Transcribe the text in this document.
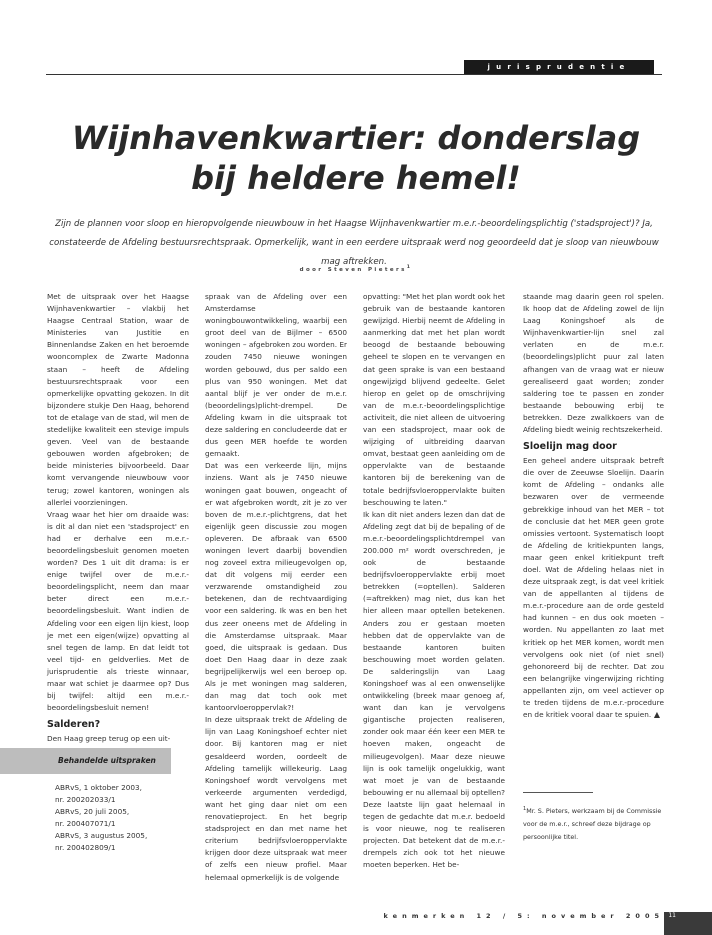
jurisprudentie
Wijnhavenkwartier: donderslag
bij heldere hemel!

Zijn de plannen voor sloop en hieropvolgende nieuwbouw in het Haagse Wijnhavenkwartier m.e.r.-beoordelingsplichtig ('stadsproject')? Ja, constateerde de Afdeling bestuursrechtspraak. Opmerkelijk, want in een eerdere uitspraak werd nog geoordeeld dat je sloop van nieuwbouw mag aftrekken.

door Steven Pieters$^1$

Met de uitspraak over het Haagse Wijnhavenkwartier – vlakbij het Haagse Centraal Station, waar de Ministeries van Justitie en Binnenlandse Zaken en het beroemde wooncomplex de Zwarte Madonna staan – heeft de Afdeling bestuursrechtspraak voor een opmerkelijke opvatting gekozen. In dit bijzondere stukje Den Haag, behorend tot de etalage van de stad, wil men de stedelijke kwaliteit een stevige impuls geven. Veel van de bestaande gebouwen worden afgebroken; de beide ministeries bijvoorbeeld. Daar komt vervangende nieuwbouw voor terug; zowel kantoren, woningen als allerlei voorzieningen.

Vraag waar het hier om draaide was: is dit al dan niet een 'stadsproject' en had er derhalve een m.e.r.-beoordelingsbesluit genomen moeten worden? Des 1 uit dit drama: is er enige twijfel over de m.e.r.-beoordelingsplicht, neem dan maar beter direct een m.e.r.-beoordelingsbesluit. Want indien de Afdeling voor een eigen lijn kiest, loop je met een eigen(wijze) opvatting al snel tegen de lamp. En dat leidt tot veel tijd- en geldverlies. Met de jurisprudentie als trieste winnaar, maar wat schiet je daarmee op? Dus bij twijfel: altijd een m.e.r.-beoordelingsbesluit nemen!

Salderen?

Den Haag greep terug op een uit-

spraak van de Afdeling over een Amsterdamse woningbouwontwikkeling, waarbij een groot deel van de Bijlmer – 6500 woningen – afgebroken zou worden. Er zouden 7450 nieuwe woningen worden gebouwd, dus per saldo een plus van 950 woningen. Met dat aantal blijf je ver onder de m.e.r.(beoordelings)plicht-drempel. De Afdeling kwam in die uitspraak tot deze saldering en concludeerde dat er dus geen MER hoefde te worden gemaakt.

Dat was een verkeerde lijn, mijns inziens. Want als je 7450 nieuwe woningen gaat bouwen, ongeacht of er wat afgebroken wordt, zit je zo ver boven de m.e.r.-plichtgrens, dat het eigenlijk geen discussie zou mogen opleveren. De afbraak van 6500 woningen levert daarbij bovendien nog zoveel extra milieugevolgen op, dat dit volgens mij eerder een verzwarende omstandigheid zou betekenen, dan de rechtvaardiging voor een saldering. Ik was en ben het dus zeer oneens met de Afdeling in die Amsterdamse uitspraak. Maar goed, die uitspraak is gedaan. Dus doet Den Haag daar in deze zaak begrijpelijkerwijs wel een beroep op. Als je met woningen mag salderen, dan mag dat toch ook met kantoorvloeroppervlak?!

In deze uitspraak trekt de Afdeling de lijn van Laag Koningshoef echter niet door. Bij kantoren mag er niet gesaldeerd worden, oordeelt de Afdeling tamelijk willekeurig. Laag Koningshoef wordt vervolgens met verkeerde argumenten verdedigd, want het ging daar niet om een renovatieproject. En het begrip stadsproject en dan met name het criterium bedrijfsvloeroppervlakte krijgen door deze uitspraak wat meer of zelfs een nieuw profiel. Maar helemaal opmerkelijk is de volgende

opvatting: "Met het plan wordt ook het gebruik van de bestaande kantoren gewijzigd. Hierbij neemt de Afdeling in aanmerking dat met het plan wordt beoogd de bestaande bebouwing geheel te slopen en te vervangen en dat geen sprake is van een bestaand ongewijzigd blijvend gedeelte. Gelet hierop en gelet op de omschrijving van de m.e.r.-beoordelingsplichtige activiteit, die niet alleen de uitvoering van een stadsproject, maar ook de wijziging of uitbreiding daarvan omvat, bestaat geen aanleiding om de oppervlakte van de bestaande kantoren bij de berekening van de totale bedrijfsvloeroppervlakte buiten beschouwing te laten."

Ik kan dit niet anders lezen dan dat de Afdeling zegt dat bij de bepaling of de m.e.r.-beoordelingsplichtdrempel van 200.000 m² wordt overschreden, je ook de bestaande bedrijfsvloeroppervlakte erbij moet betrekken (=optellen). Salderen (=aftrekken) mag niet, dus kan het hier alleen maar optellen betekenen. Anders zou er gestaan moeten hebben dat de oppervlakte van de bestaande kantoren buiten beschouwing moet worden gelaten. De salderingslijn van Laag Koningshoef was al een onwenselijke ontwikkeling (breek maar genoeg af, want dan kan je vervolgens gigantische projecten realiseren, zonder ook maar één keer een MER te hoeven maken, ongeacht de milieugevolgen). Maar deze nieuwe lijn is ook tamelijk ongelukkig, want wat moet je van de bestaande bebouwing er nu allemaal bij optellen? Deze laatste lijn gaat helemaal in tegen de gedachte dat m.e.r. bedoeld is voor nieuwe, nog te realiseren projecten. Dat betekent dat de m.e.r.-drempels zich ook tot het nieuwe moeten beperken. Het be-

staande mag daarin geen rol spelen. Ik hoop dat de Afdeling zowel de lijn Laag Koningshoef als de Wijnhavenkwartier-lijn snel zal verlaten en de m.e.r.(beoordelings)plicht puur zal laten afhangen van de vraag wat er nieuw gerealiseerd gaat worden; zonder saldering toe te passen en zonder bestaande bebouwing erbij te betrekken. Deze zwalkkoers van de Afdeling biedt weinig rechtszekerheid.

Sloelijn mag door

Een geheel andere uitspraak betreft die over de Zeeuwse Sloelijn. Daarin komt de Afdeling – ondanks alle bezwaren over de vermeende gebrekkige inhoud van het MER – tot de conclusie dat het MER geen grote omissies vertoont. Systematisch loopt de Afdeling de kritiekpunten langs, maar geen enkel kritiekpunt treft doel. Wat de Afdeling helaas niet in deze uitspraak zegt, is dat veel kritiek van de appellanten al tijdens de m.e.r.-procedure aan de orde gesteld had kunnen – en dus ook moeten – worden. Nu appellanten zo laat met kritiek op het MER komen, wordt men vervolgens ook niet (of niet snel) gehonoreerd bij de rechter. Dat zou een belangrijke vingerwijzing richting appellanten zijn, om veel actiever op te treden tijdens de m.e.r.-procedure en de kritiek vooral daar te spuien. ▲

Behandelde uitspraken
ABRvS, 1 oktober 2003,
nr. 200202033/1
ABRvS, 20 juli 2005,
nr. 200407071/1
ABRvS, 3 augustus 2005,
nr. 200402809/1
$^1$Mr. S. Pieters, werkzaam bij de Commissie voor de m.e.r., schreef deze bijdrage op persoonlijke titel.
kenmerken 12 / 5: november 2005 11
